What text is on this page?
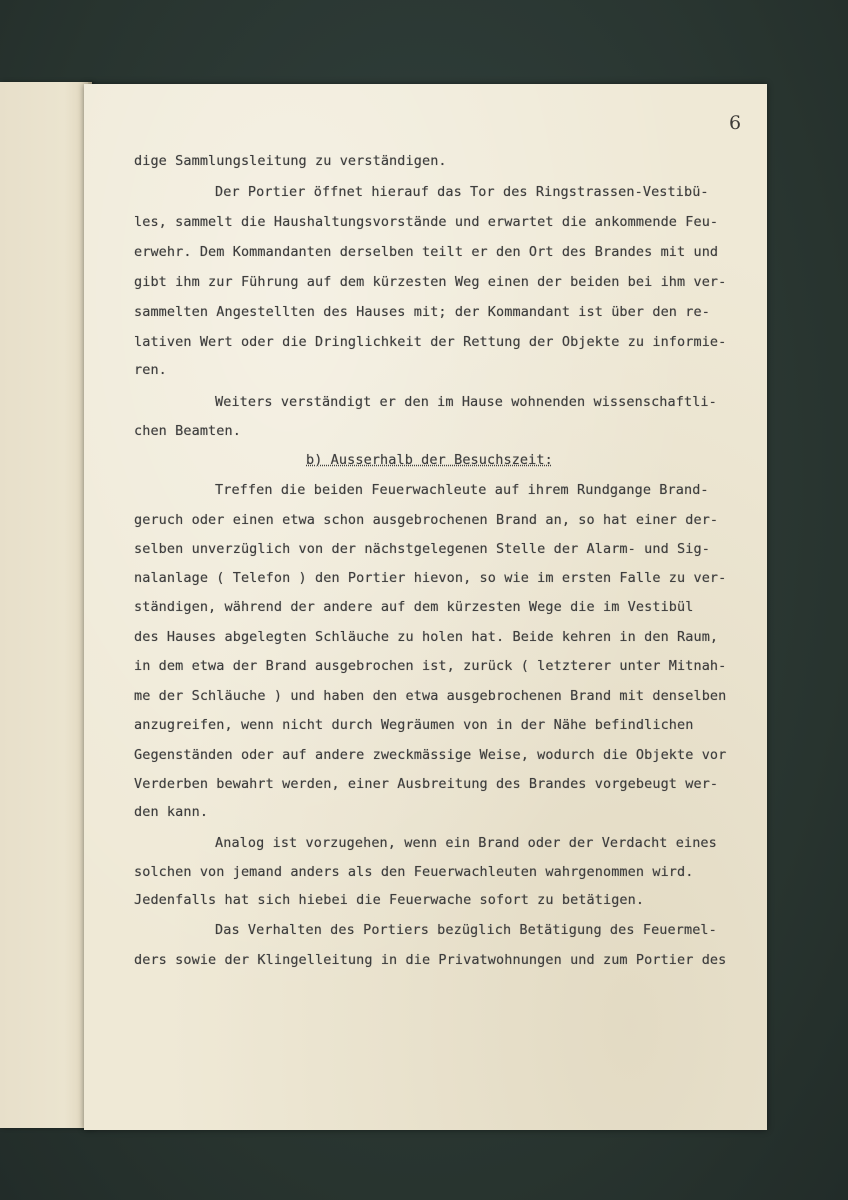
6
dige Sammlungsleitung zu verständigen.
Der Portier öffnet hierauf das Tor des Ringstrassen-Vestibü-
les, sammelt die Haushaltungsvorstände und erwartet die ankommende Feu-
erwehr. Dem Kommandanten derselben teilt er den Ort des Brandes mit und
gibt ihm zur Führung auf dem kürzesten Weg einen der beiden bei ihm ver-
sammelten Angestellten des Hauses mit; der Kommandant ist über den re-
lativen Wert oder die Dringlichkeit der Rettung der Objekte zu informie-
ren.
Weiters verständigt er den im Hause wohnenden wissenschaftli-
chen Beamten.
b) Ausserhalb der Besuchszeit:
Treffen die beiden Feuerwachleute auf ihrem Rundgange Brand-
geruch oder einen etwa schon ausgebrochenen Brand an, so hat einer der-
selben unverzüglich von der nächstgelegenen Stelle der Alarm- und Sig-
nalanlage ( Telefon ) den Portier hievon, so wie im ersten Falle zu ver-
ständigen, während der andere auf dem kürzesten Wege die im Vestibül
des Hauses abgelegten Schläuche zu holen hat. Beide kehren in den Raum,
in dem etwa der Brand ausgebrochen ist, zurück ( letzterer unter Mitnah-
me der Schläuche ) und haben den etwa ausgebrochenen Brand mit denselben
anzugreifen, wenn nicht durch Wegräumen von in der Nähe befindlichen
Gegenständen oder auf andere zweckmässige Weise, wodurch die Objekte vor
Verderben bewahrt werden, einer Ausbreitung des Brandes vorgebeugt wer-
den kann.
Analog ist vorzugehen, wenn ein Brand oder der Verdacht eines
solchen von jemand anders als den Feuerwachleuten wahrgenommen wird.
Jedenfalls hat sich hiebei die Feuerwache sofort zu betätigen.
Das Verhalten des Portiers bezüglich Betätigung des Feuermel-
ders sowie der Klingelleitung in die Privatwohnungen und zum Portier des
